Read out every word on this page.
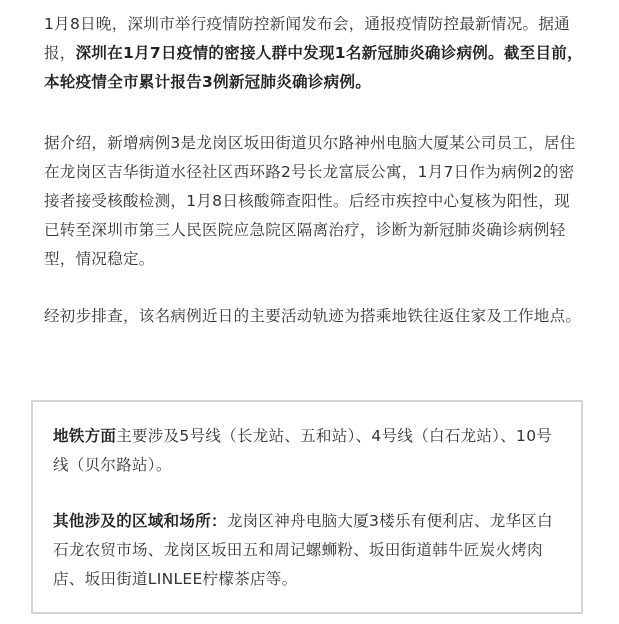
1月8日晚，深圳市举行疫情防控新闻发布会，通报疫情防控最新情况。据通报，深圳在1月7日疫情的密接人群中发现1名新冠肺炎确诊病例。截至目前，本轮疫情全市累计报告3例新冠肺炎确诊病例。

据介绍，新增病例3是龙岗区坂田街道贝尔路神州电脑大厦某公司员工，居住在龙岗区吉华街道水径社区西环路2号长龙富辰公寓，1月7日作为病例2的密接者接受核酸检测，1月8日核酸筛查阳性。后经市疾控中心复核为阳性，现已转至深圳市第三人民医院应急院区隔离治疗，诊断为新冠肺炎确诊病例轻型，情况稳定。

经初步排查，该名病例近日的主要活动轨迹为搭乘地铁往返住家及工作地点。

地铁方面主要涉及5号线（长龙站、五和站）、4号线（白石龙站）、10号线（贝尔路站）。

其他涉及的区域和场所：龙岗区神舟电脑大厦3楼乐有便利店、龙华区白石龙农贸市场、龙岗区坂田五和周记螺蛳粉、坂田街道韩牛匠炭火烤肉店、坂田街道LINLEE柠檬茶店等。
